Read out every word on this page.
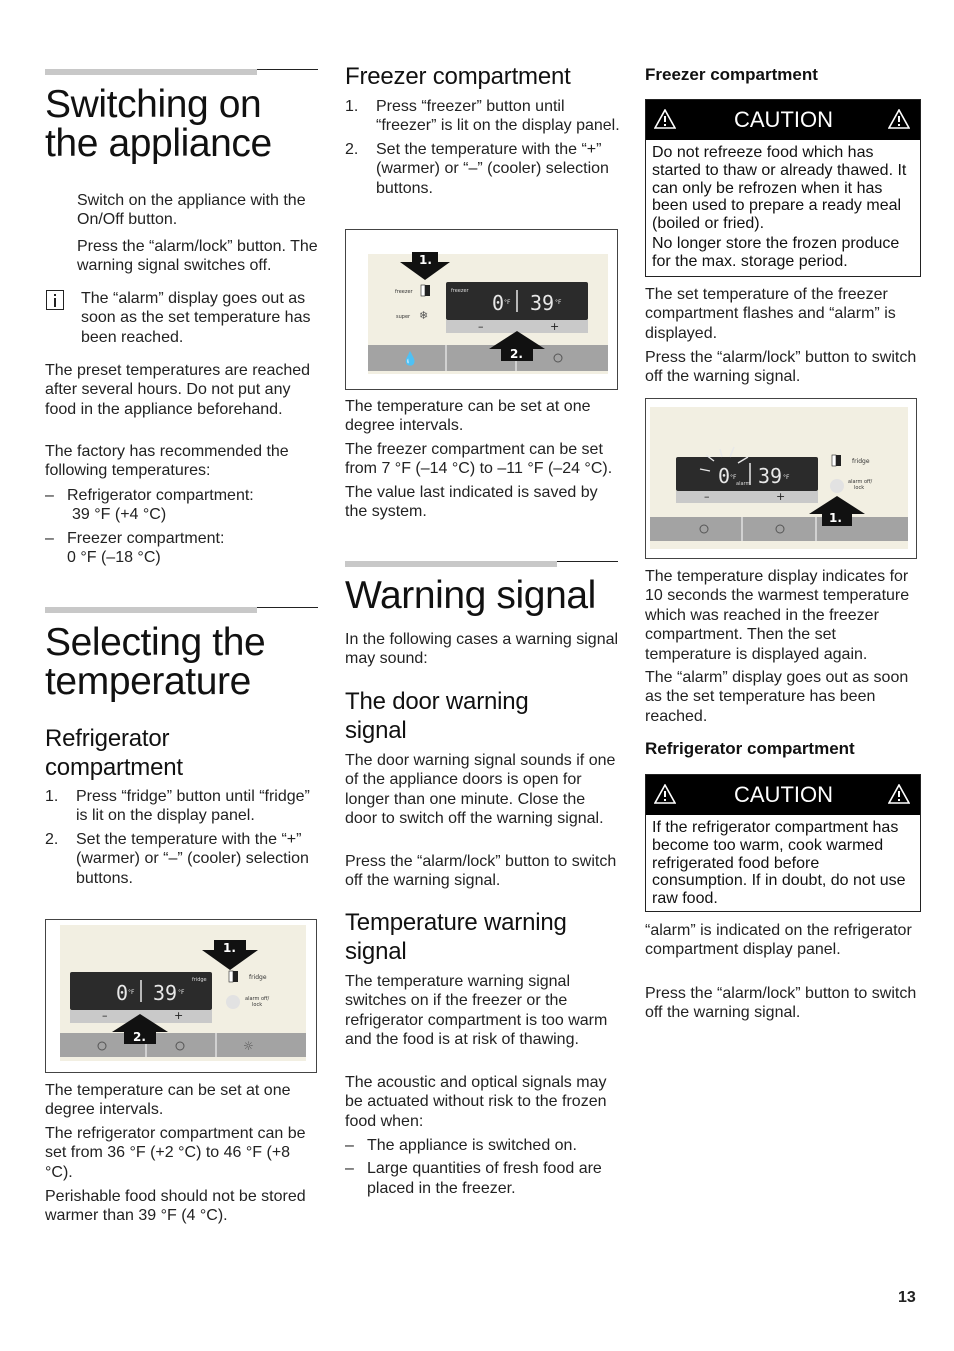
Switching on
the appliance

Switch on the appliance with the On/Off button.

Press the “alarm/lock” button. The warning signal switches off.

The “alarm” display goes out as soon as the set temperature has been reached.

The preset temperatures are reached after several hours. Do not put any food in the appliance beforehand.

The factory has recommended the following temperatures:

– Refrigerator compartment:
39 °F (+4 °C)
– Freezer compartment:
0 °F (–18 °C)
Selecting the
temperature
Refrigerator
compartment
1. Press “fridge” button until “fridge” is lit on the display panel.
2. Set the temperature with the “+” (warmer) or “–” (cooler) selection buttons.
–	+
0 °F 39 °F
fridge	fridge
alarm off/
lock
1.
2.
☼

The temperature can be set at one degree intervals.

The refrigerator compartment can be set from 36 °F (+2 °C) to 46 °F (+8 °C).

Perishable food should not be stored warmer than 39 °F (4 °C).

Freezer compartment
1. Press “freezer” button until “freezer” is lit on the display panel.
2. Set the temperature with the “+” (warmer) or “–” (cooler) selection buttons.
–	+
freezer 0 °F 39 °F
freezer
super ❄
1.
2.
💧

The temperature can be set at one degree intervals.

The freezer compartment can be set from 7 °F (–14 °C) to –11 °F (–24 °C).

The value last indicated is saved by the system.

Warning signal

In the following cases a warning signal may sound:

The door warning
signal

The door warning signal sounds if one of the appliance doors is open for longer than one minute. Close the door to switch off the warning signal.

Press the “alarm/lock” button to switch off the warning signal.

Temperature warning
signal

The temperature warning signal switches on if the freezer or the refrigerator compartment is too warm and the food is at risk of thawing.

The acoustic and optical signals may be actuated without risk to the frozen food when:

– The appliance is switched on.
– Large quantities of fresh food are placed in the freezer.
Freezer compartment
CAUTION

Do not refreeze food which has started to thaw or already thawed. It can only be refrozen when it has been used to prepare a ready meal (boiled or fried).

No longer store the frozen produce for the max. storage period.

The set temperature of the freezer compartment flashes and “alarm” is displayed.

Press the “alarm/lock” button to switch off the warning signal.

–	+
0 °F
alarm 39 °F
fridge
alarm off/
lock
1.

The temperature display indicates for 10 seconds the warmest temperature which was reached in the freezer compartment. Then the set temperature is displayed again.

The “alarm” display goes out as soon as the set temperature has been reached.

Refrigerator compartment
CAUTION

If the refrigerator compartment has become too warm, cook warmed refrigerated food before consumption. If in doubt, do not use raw food.

“alarm” is indicated on the refrigerator compartment display panel.

Press the “alarm/lock” button to switch off the warning signal.

13
